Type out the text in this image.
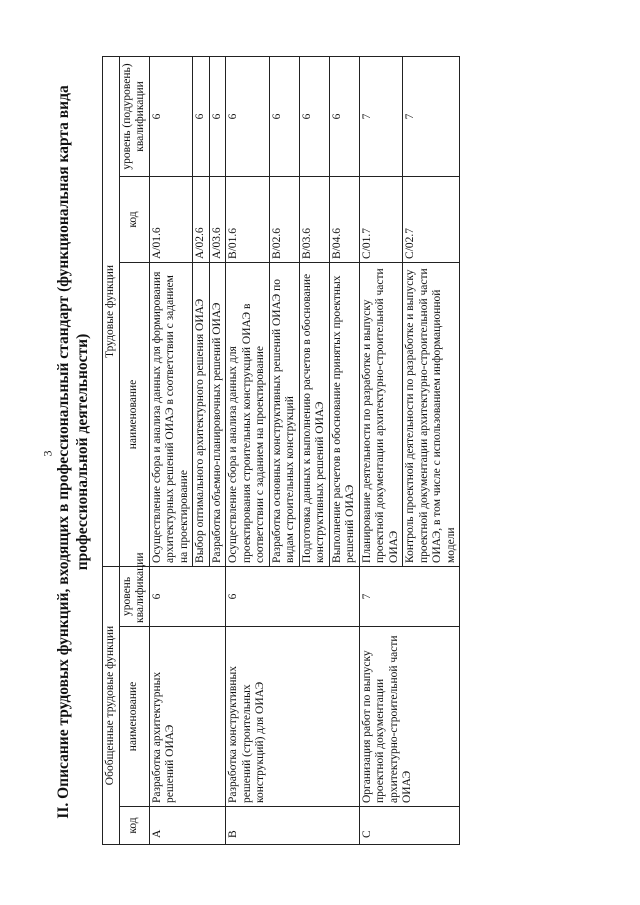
3 II. Описание трудовых функций, входящих в профессиональный стандарт (функциональная карта вида профессиональной деятельности)
Обобщенные трудовые функции			Трудовые функции		
код	наименование	уровень квалификации	наименование	код	уровень (подуровень) квалификации
A	Разработка архитектурных решений ОИАЭ	6	Осуществление сбора и анализа данных для формирования архитектурных решений ОИАЭ в соответствии с заданием на проектирование	A/01.6	6
			Выбор оптимального архитектурного решения ОИАЭ	A/02.6	6
			Разработка объемно-планировочных решений ОИАЭ	A/03.6	6
B	Разработка конструктивных решений (строительных конструкций) для ОИАЭ	6	Осуществление сбора и анализа данных для проектирования строительных конструкций ОИАЭ в соответствии с заданием на проектирование	B/01.6	6
			Разработка основных конструктивных решений ОИАЭ по видам строительных конструкций	B/02.6	6
			Подготовка данных к выполнению расчетов в обоснование конструктивных решений ОИАЭ	B/03.6	6
			Выполнение расчетов в обоснование принятых проектных решений ОИАЭ	B/04.6	6
C	Организация работ по выпуску проектной документации архитектурно-строительной части ОИАЭ	7	Планирование деятельности по разработке и выпуску проектной документации архитектурно-строительной части ОИАЭ	C/01.7	7
			Контроль проектной деятельности по разработке и выпуску проектной документации архитектурно-строительной части ОИАЭ, в том числе с использованием информационной модели	C/02.7	7
